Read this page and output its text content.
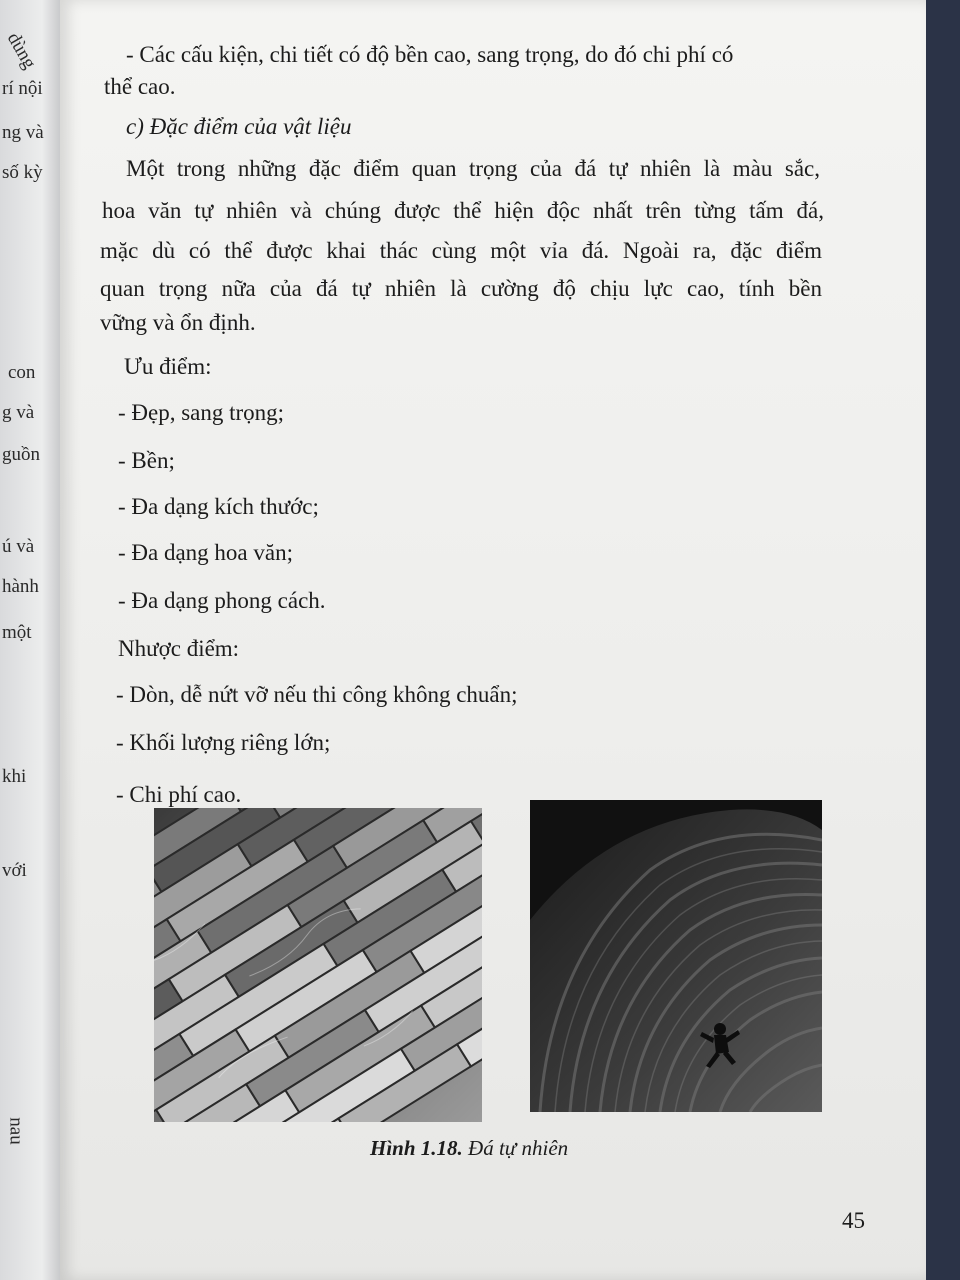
dùng
rí nội
ng và
số kỳ
con
g và
guồn
ú và
hành
một
khi
với
nau
- Các cấu kiện, chi tiết có độ bền cao, sang trọng, do đó chi phí có
thể cao.
c) Đặc điểm của vật liệu
Một trong những đặc điểm quan trọng của đá tự nhiên là màu sắc,
hoa văn tự nhiên và chúng được thể hiện độc nhất trên từng tấm đá,
mặc dù có thể được khai thác cùng một vỉa đá. Ngoài ra, đặc điểm
quan trọng nữa của đá tự nhiên là cường độ chịu lực cao, tính bền
vững và ổn định.
Ưu điểm:
- Đẹp, sang trọng;
- Bền;
- Đa dạng kích thước;
- Đa dạng hoa văn;
- Đa dạng phong cách.
Nhược điểm:
- Dòn, dễ nứt vỡ nếu thi công không chuẩn;
- Khối lượng riêng lớn;
- Chi phí cao.
Hình 1.18. Đá tự nhiên
45
